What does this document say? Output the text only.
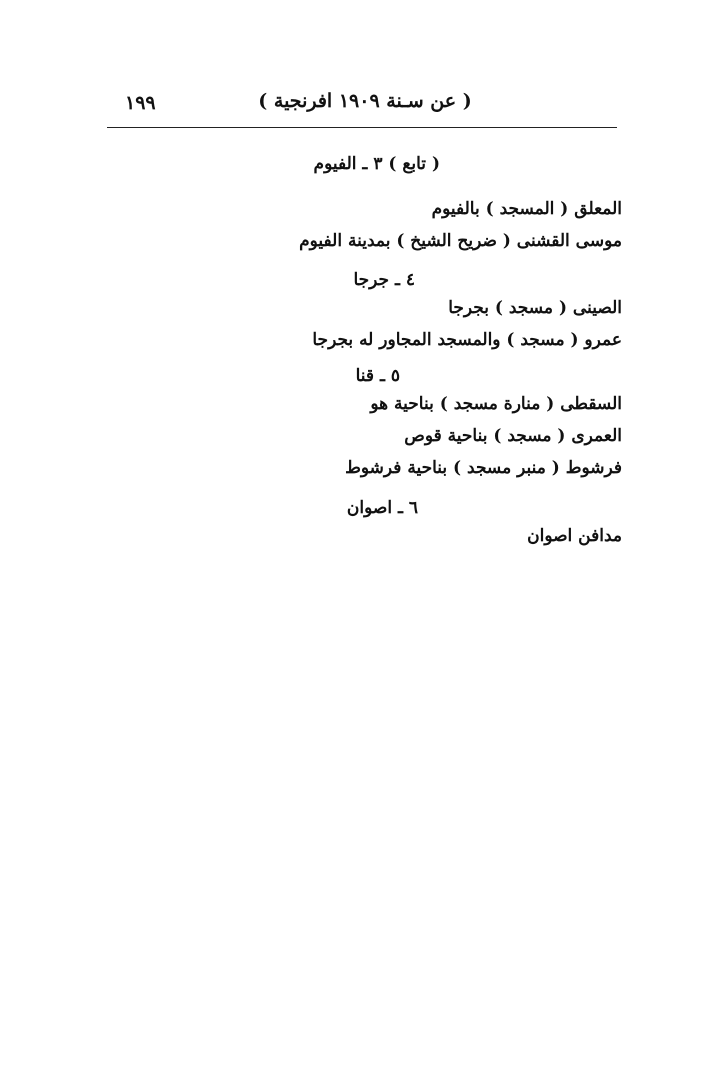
١٩٩	( عن سـنة ١٩٠٩ افرنجية )
( تابع ) ٣ ـ الفيوم
المعلق ( المسجد ) بالفيوم
موسى القشنى ( ضريح الشيخ ) بمدينة الفيوم
٤ ـ جرجا
الصينى ( مسجد ) بجرجا
عمرو ( مسجد ) والمسجد المجاور له بجرجا
٥ ـ قنا
السقطى ( منارة مسجد ) بناحية هو
العمرى ( مسجد ) بناحية قوص
فرشوط ( منبر مسجد ) بناحية فرشوط
٦ ـ اصوان
مدافن اصوان
